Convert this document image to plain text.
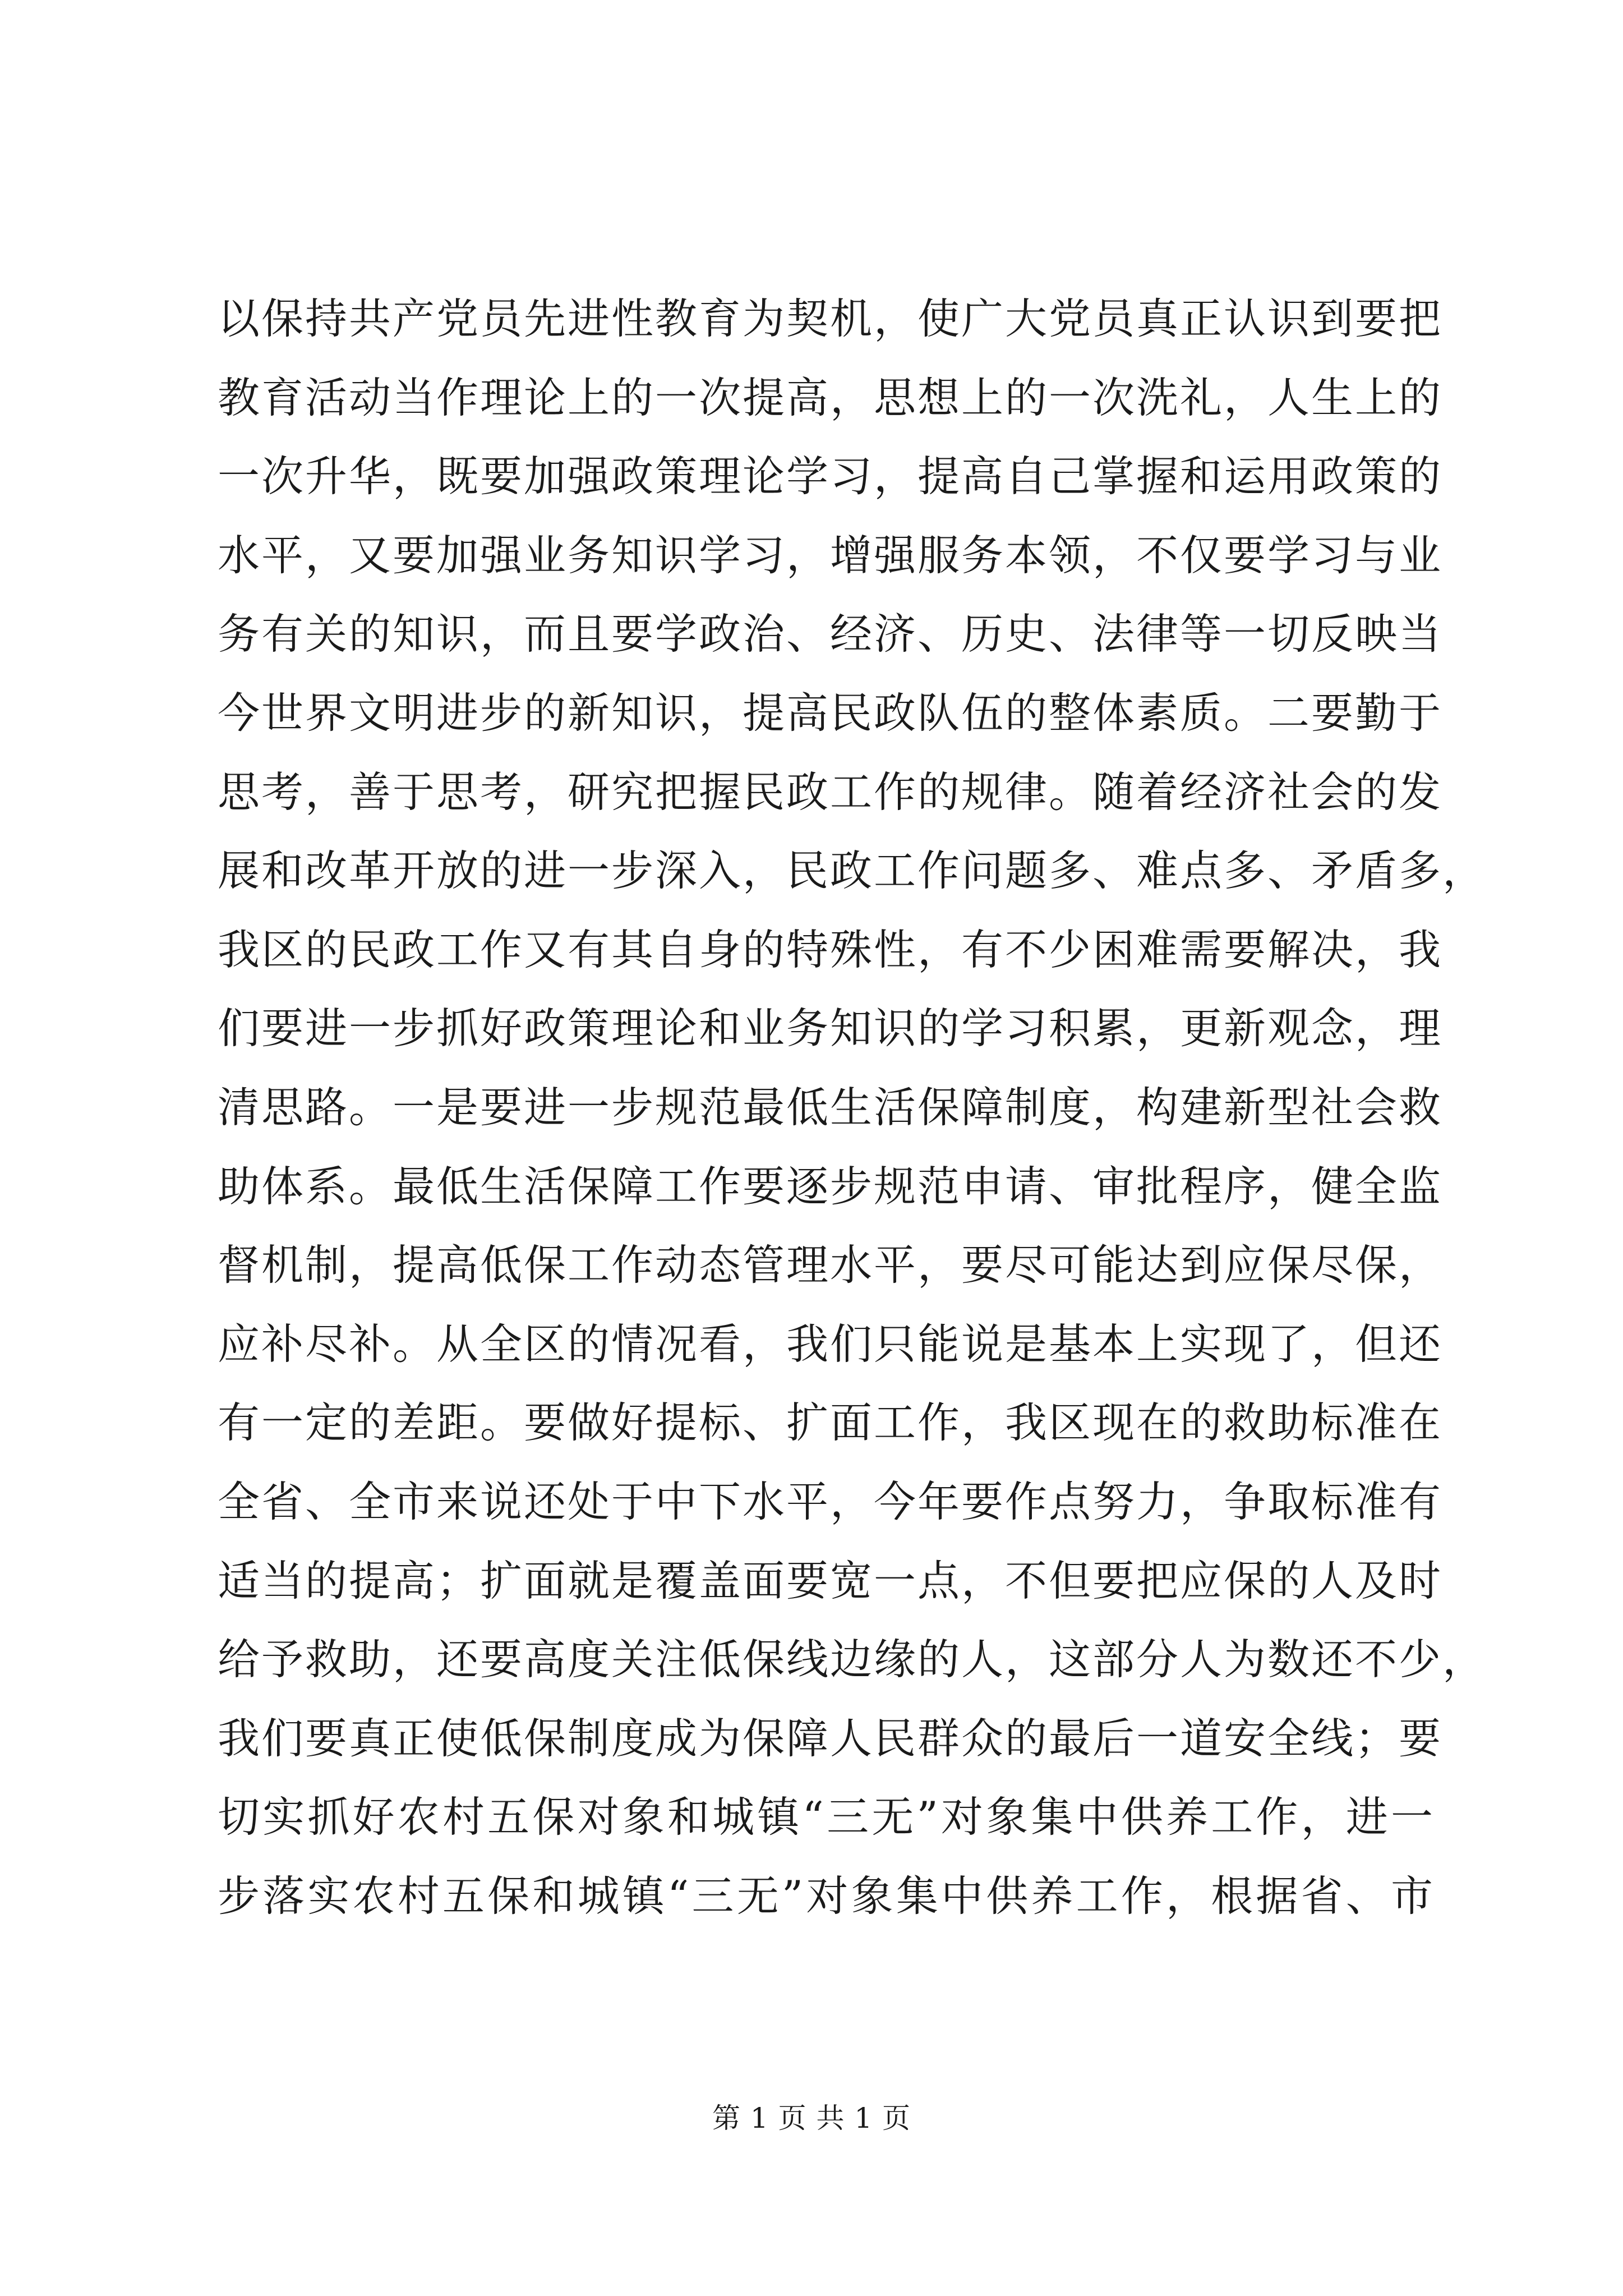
以保持共产党员先进性教育为契机，使广大党员真正认识到要把
教育活动当作理论上的一次提高，思想上的一次洗礼，人生上的
一次升华，既要加强政策理论学习，提高自己掌握和运用政策的
水平，又要加强业务知识学习，增强服务本领，不仅要学习与业
务有关的知识，而且要学政治、经济、历史、法律等一切反映当
今世界文明进步的新知识，提高民政队伍的整体素质。二要勤于
思考，善于思考，研究把握民政工作的规律。随着经济社会的发
展和改革开放的进一步深入，民政工作问题多、难点多、矛盾多，
我区的民政工作又有其自身的特殊性，有不少困难需要解决，我
们要进一步抓好政策理论和业务知识的学习积累，更新观念，理
清思路。一是要进一步规范最低生活保障制度，构建新型社会救
助体系。最低生活保障工作要逐步规范申请、审批程序，健全监
督机制，提高低保工作动态管理水平，要尽可能达到应保尽保，
应补尽补。从全区的情况看，我们只能说是基本上实现了，但还
有一定的差距。要做好提标、扩面工作，我区现在的救助标准在
全省、全市来说还处于中下水平，今年要作点努力，争取标准有
适当的提高；扩面就是覆盖面要宽一点，不但要把应保的人及时
给予救助，还要高度关注低保线边缘的人，这部分人为数还不少，
我们要真正使低保制度成为保障人民群众的最后一道安全线；要
切实抓好农村五保对象和城镇“三无”对象集中供养工作，进一
步落实农村五保和城镇“三无”对象集中供养工作，根据省、市
第 1 页 共 1 页
